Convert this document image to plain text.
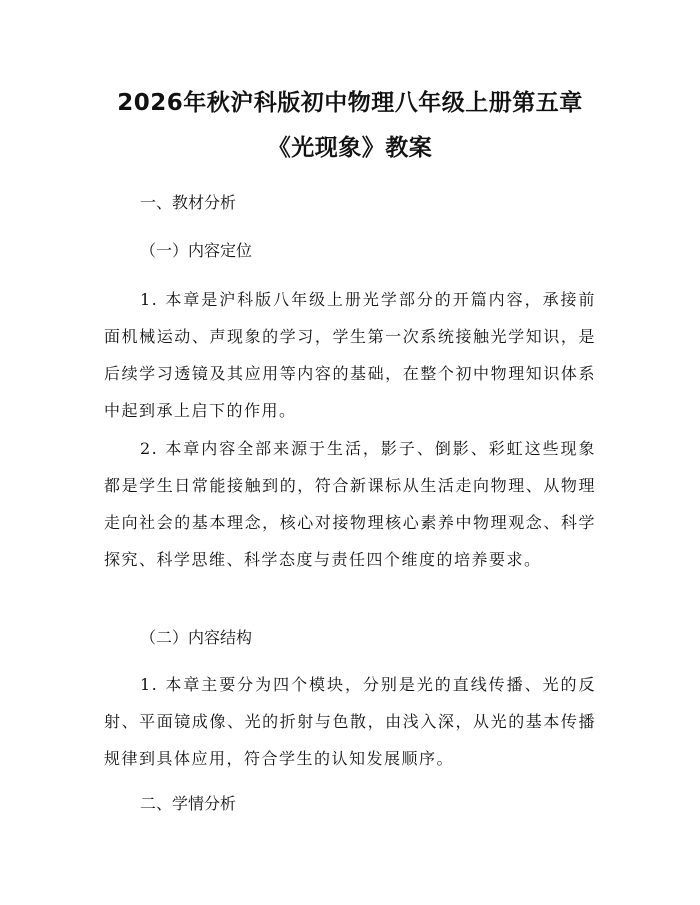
2026年秋沪科版初中物理八年级上册第五章
《光现象》教案

一、教材分析

（一）内容定位

1. 本章是沪科版八年级上册光学部分的开篇内容，承接前面机械运动、声现象的学习，学生第一次系统接触光学知识，是后续学习透镜及其应用等内容的基础，在整个初中物理知识体系中起到承上启下的作用。

2. 本章内容全部来源于生活，影子、倒影、彩虹这些现象都是学生日常能接触到的，符合新课标从生活走向物理、从物理走向社会的基本理念，核心对接物理核心素养中物理观念、科学探究、科学思维、科学态度与责任四个维度的培养要求。

（二）内容结构

1. 本章主要分为四个模块，分别是光的直线传播、光的反射、平面镜成像、光的折射与色散，由浅入深，从光的基本传播规律到具体应用，符合学生的认知发展顺序。

二、学情分析
